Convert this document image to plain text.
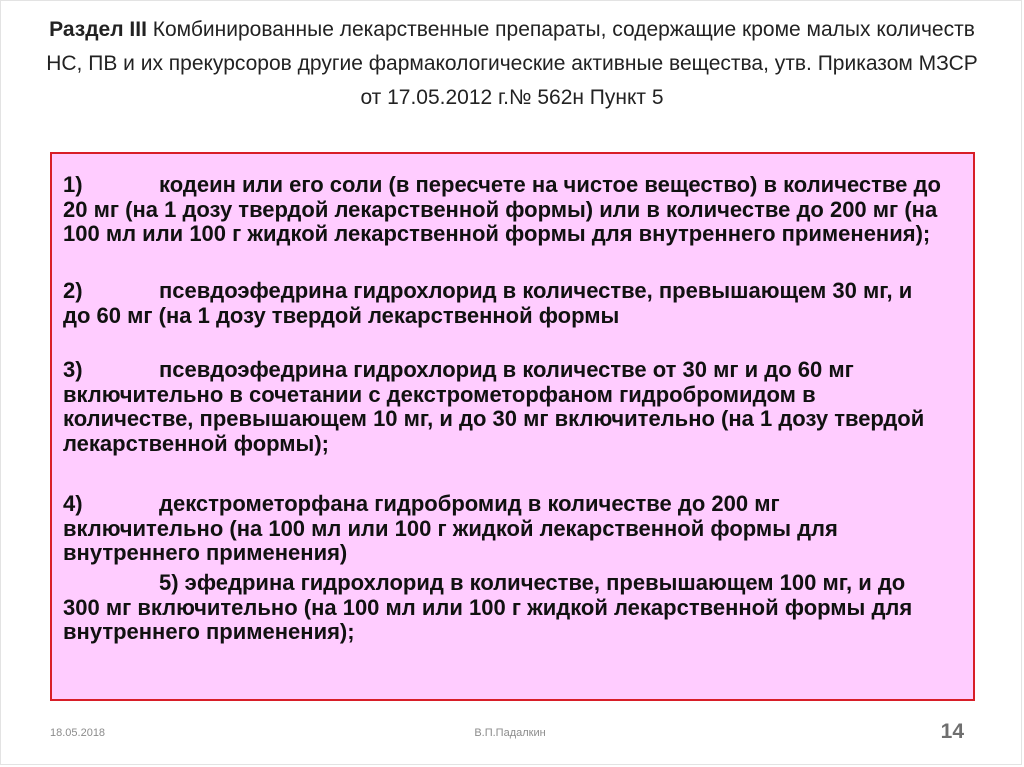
Раздел III Комбинированные лекарственные препараты, содержащие кроме малых количеств НС, ПВ и их прекурсоров другие фармакологические активные вещества, утв. Приказом МЗСР от 17.05.2012 г.№ 562н Пункт 5
1)	кодеин или его соли (в пересчете на чистое вещество) в количестве до 20 мг (на 1 дозу твердой лекарственной формы) или в количестве до 200 мг (на 100 мл или 100 г жидкой лекарственной формы для внутреннего применения);
2)	псевдоэфедрина гидрохлорид в количестве, превышающем 30 мг, и до 60 мг (на 1 дозу твердой лекарственной формы
3)	псевдоэфедрина гидрохлорид в количестве от 30 мг и до 60 мг включительно в сочетании с декстрометорфаном гидробромидом в количестве, превышающем 10 мг, и до 30 мг включительно (на 1 дозу твердой лекарственной формы);
4)	декстрометорфана гидробромид в количестве до 200 мг включительно (на 100 мл или 100 г жидкой лекарственной формы для внутреннего применения)
5) эфедрина гидрохлорид в количестве, превышающем 100 мг, и до 300 мг включительно (на 100 мл или 100 г жидкой лекарственной формы для внутреннего применения);
18.05.2018	В.П.Падалкин	14
